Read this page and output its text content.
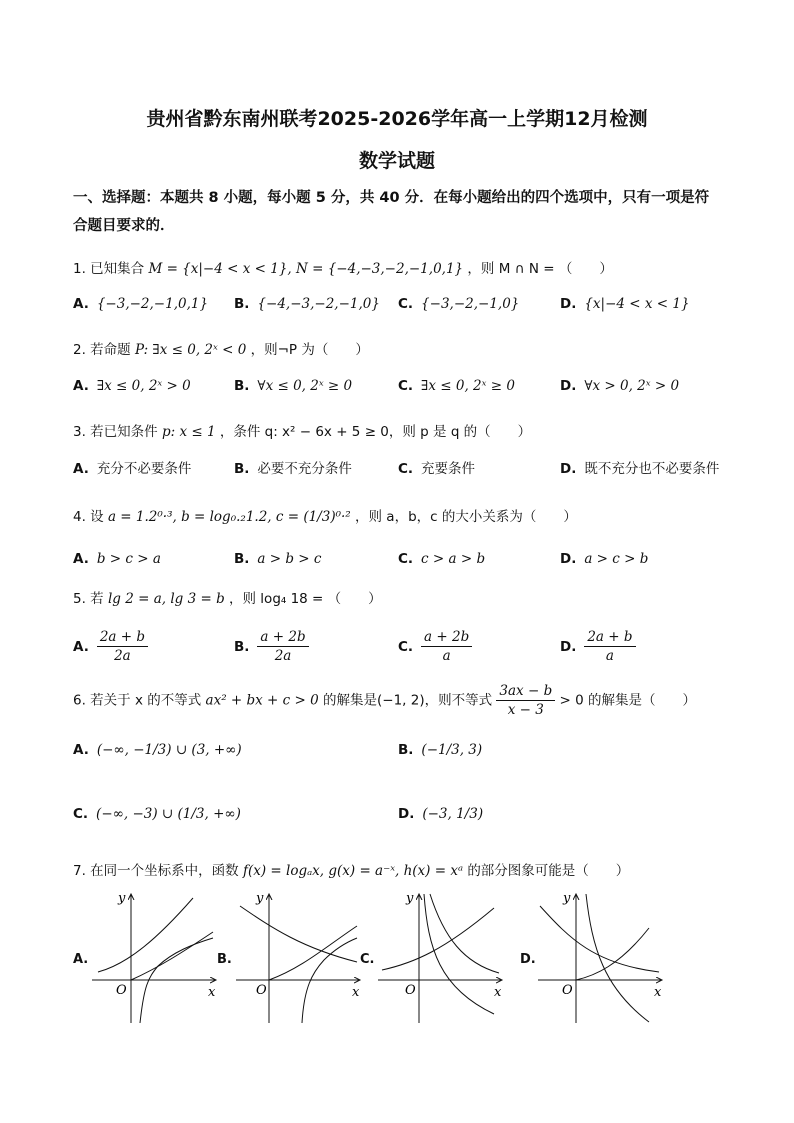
贵州省黔东南州联考2025-2026学年高一上学期12月检测
数学试题
一、选择题：本题共 8 小题，每小题 5 分，共 40 分．在每小题给出的四个选项中，只有一项是符合题目要求的．
1. 已知集合 M = {x|−4 < x < 1}, N = {−4,−3,−2,−1,0,1} ，则 M ∩ N = （　　）
A. {−3,−2,−1,0,1} B. {−4,−3,−2,−1,0} C. {−3,−2,−1,0}	D. {x|−4 < x < 1}
2. 若命题 P: ∃x ≤ 0, 2ˣ < 0 ，则¬P 为（　　）
A. ∃x ≤ 0, 2ˣ > 0	B. ∀x ≤ 0, 2ˣ ≥ 0	C. ∃x ≤ 0, 2ˣ ≥ 0	D. ∀x > 0, 2ˣ > 0
3. 若已知条件 p: x ≤ 1 ，条件 q: x² − 6x + 5 ≥ 0，则 p 是 q 的（　　）
A. 充分不必要条件	B. 必要不充分条件	C. 充要条件	D. 既不充分也不必要条件
4. 设 a = 1.2⁰·³, b = log₀.₂1.2, c = (1/3)⁰·² ，则 a，b，c 的大小关系为（　　）
A. b > c > a	B. a > b > c	C. c > a > b	D. a > c > b
5. 若 lg 2 = a, lg 3 = b ，则 log₄ 18 = （　　）
A. $\frac{2a + b}{2a}$	B. $\frac{a + 2b}{2a}$	C. $\frac{a + 2b}{a}$	D. $\frac{2a + b}{a}$
6. 若关于 x 的不等式 ax² + bx + c > 0 的解集是(−1, 2)，则不等式 $\frac{3ax - b}{x - 3} > 0$ 的解集是（　　）
A. (−∞, −1/3) ∪ (3, +∞)	B. (−1/3, 3)
C. (−∞, −3) ∪ (1/3, +∞)	D. (−3, 1/3)
7. 在同一个坐标系中，函数 f(x) = logₐx, g(x) = a⁻ˣ, h(x) = xᵃ 的部分图象可能是（　　）
A.	B.	C.	D.
y
x
O
y
x
O
y
x
O
y
x
O
